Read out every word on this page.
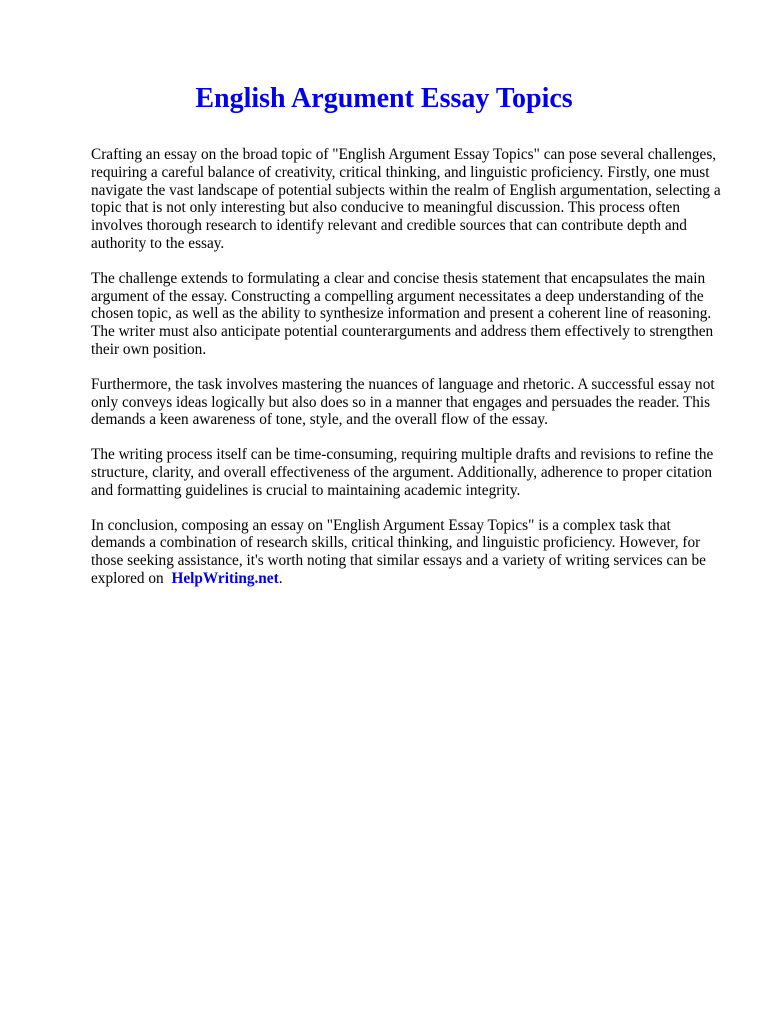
English Argument Essay Topics

Crafting an essay on the broad topic of "English Argument Essay Topics" can pose several challenges, requiring a careful balance of creativity, critical thinking, and linguistic proficiency. Firstly, one must navigate the vast landscape of potential subjects within the realm of English argumentation, selecting a topic that is not only interesting but also conducive to meaningful discussion. This process often involves thorough research to identify relevant and credible sources that can contribute depth and authority to the essay.

The challenge extends to formulating a clear and concise thesis statement that encapsulates the main argument of the essay. Constructing a compelling argument necessitates a deep understanding of the chosen topic, as well as the ability to synthesize information and present a coherent line of reasoning. The writer must also anticipate potential counterarguments and address them effectively to strengthen their own position.

Furthermore, the task involves mastering the nuances of language and rhetoric. A successful essay not only conveys ideas logically but also does so in a manner that engages and persuades the reader. This demands a keen awareness of tone, style, and the overall flow of the essay.

The writing process itself can be time-consuming, requiring multiple drafts and revisions to refine the structure, clarity, and overall effectiveness of the argument. Additionally, adherence to proper citation and formatting guidelines is crucial to maintaining academic integrity.

In conclusion, composing an essay on "English Argument Essay Topics" is a complex task that demands a combination of research skills, critical thinking, and linguistic proficiency. However, for those seeking assistance, it's worth noting that similar essays and a variety of writing services can be explored on HelpWriting.net.
